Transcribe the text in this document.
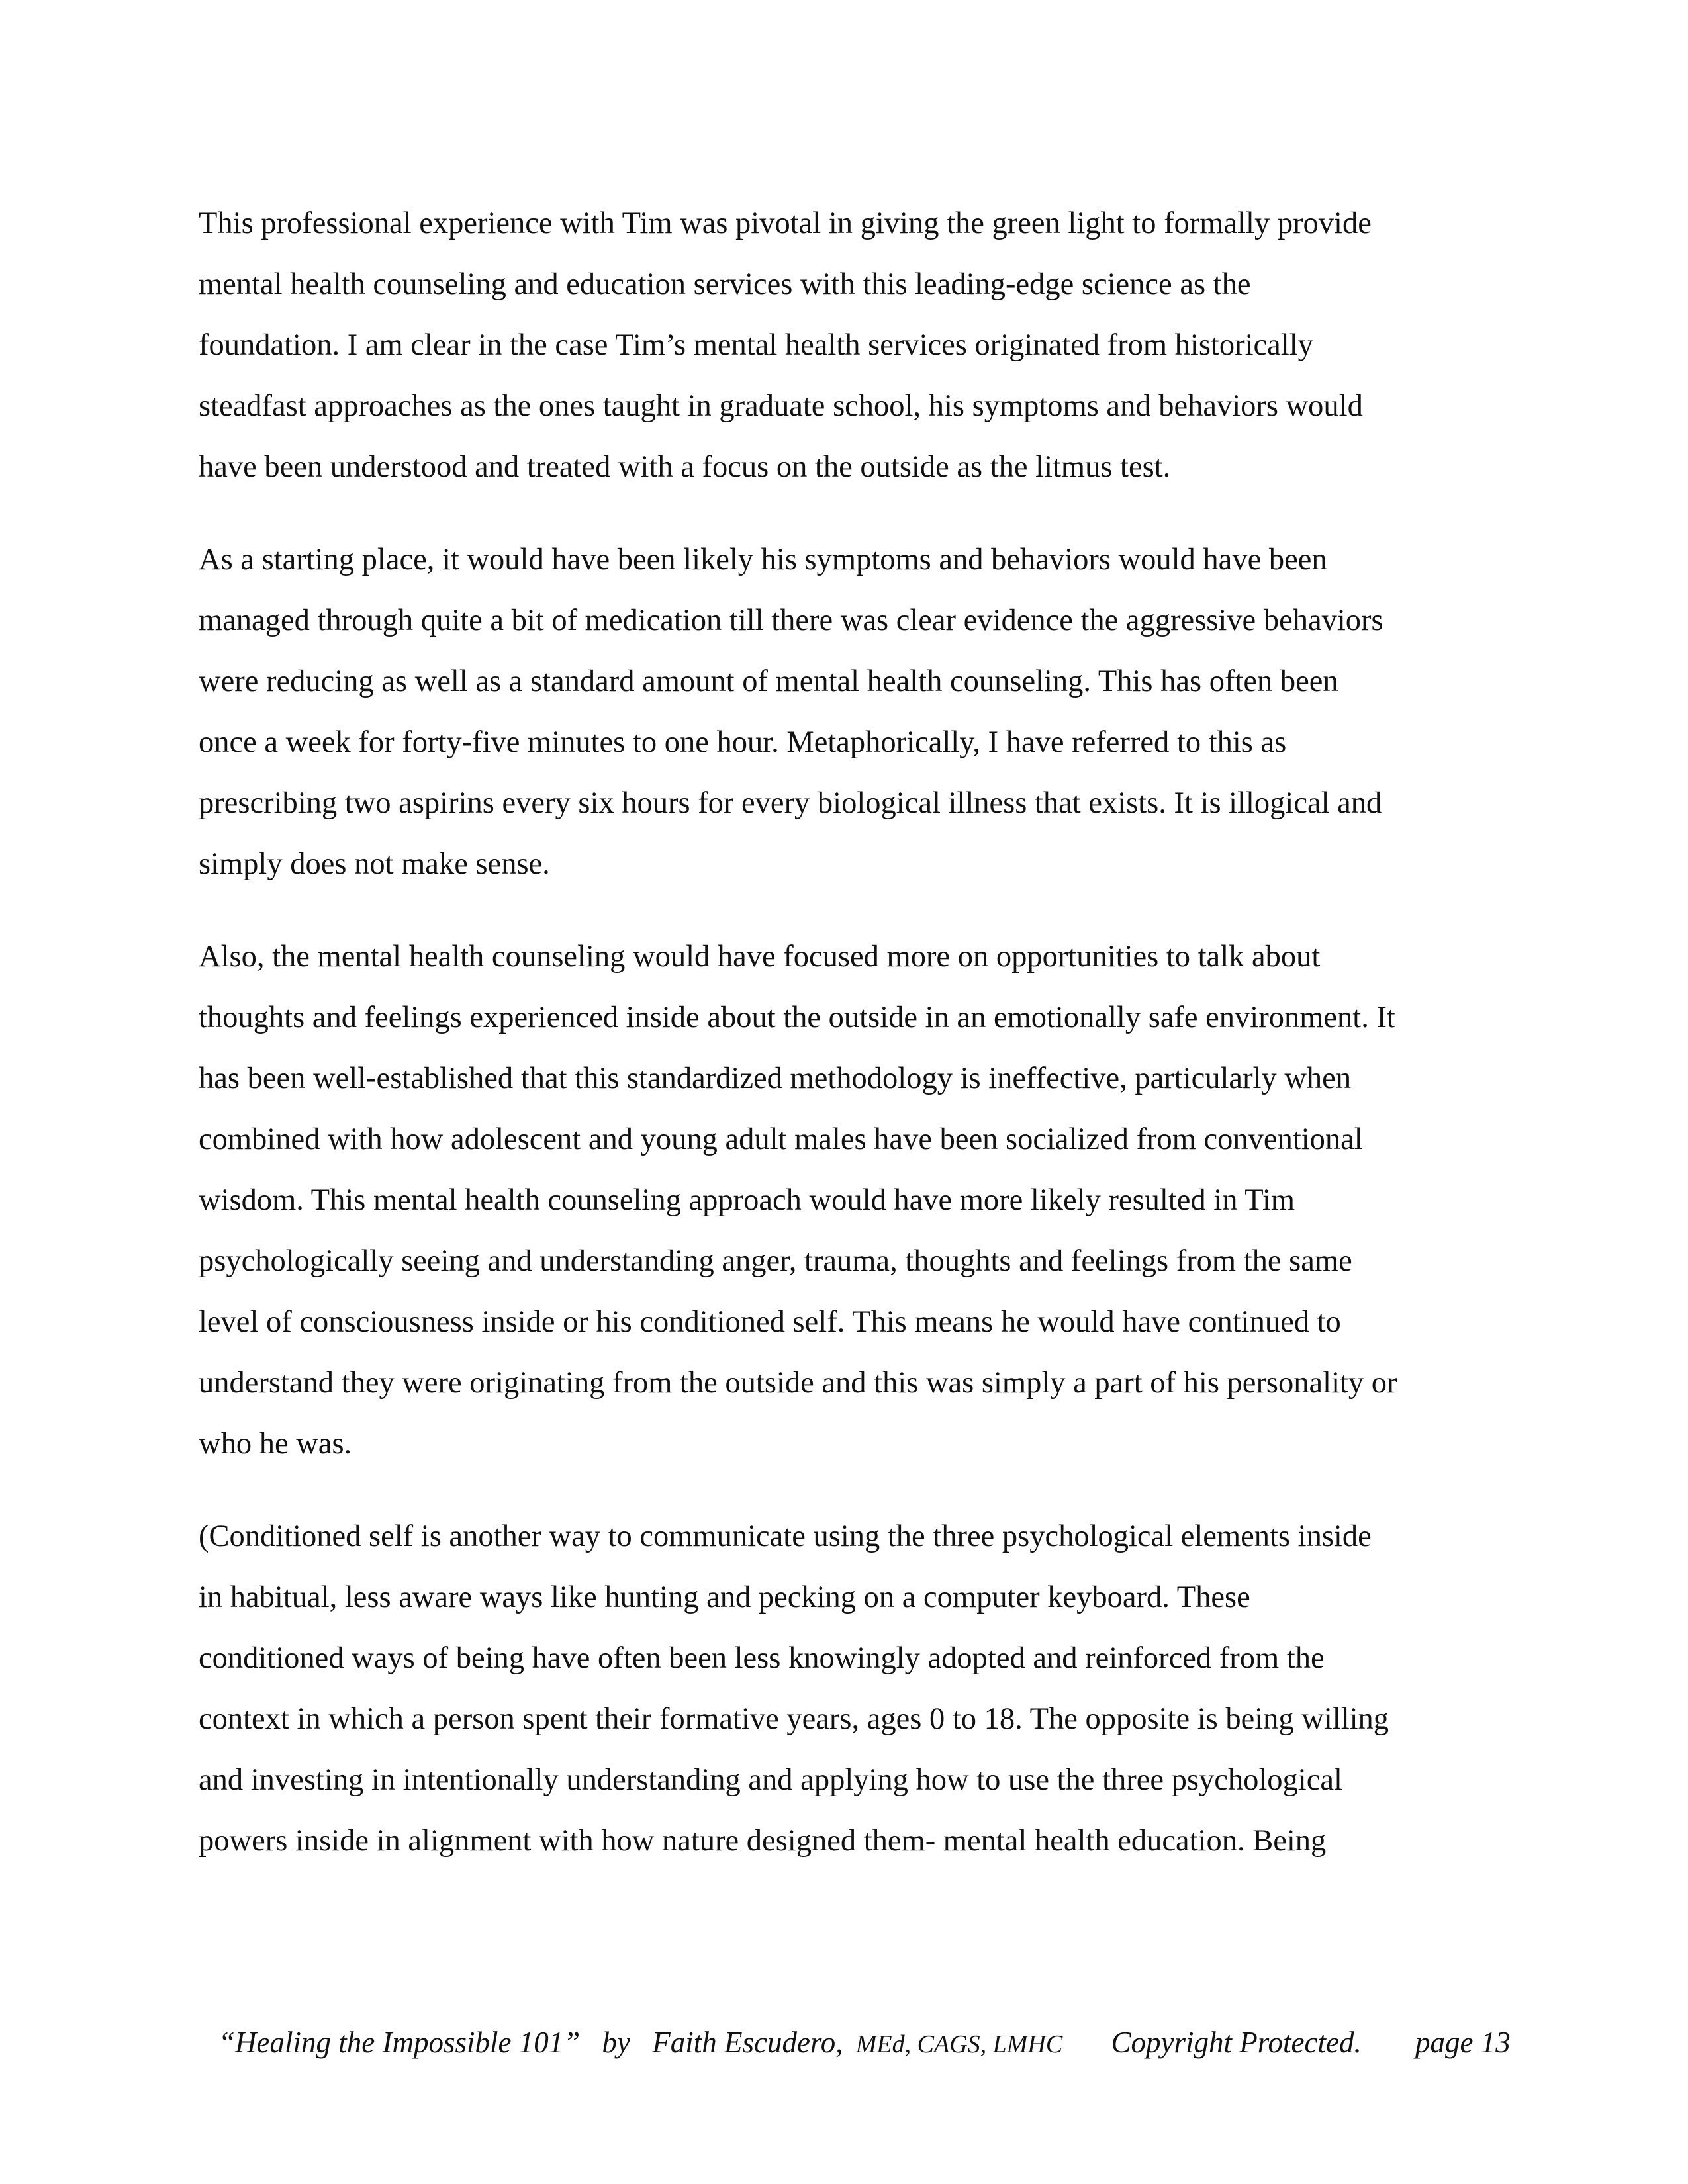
This professional experience with Tim was pivotal in giving the green light to formally provide
mental health counseling and education services with this leading-edge science as the
foundation. I am clear in the case Tim’s mental health services originated from historically
steadfast approaches as the ones taught in graduate school, his symptoms and behaviors would
have been understood and treated with a focus on the outside as the litmus test.

As a starting place, it would have been likely his symptoms and behaviors would have been
managed through quite a bit of medication till there was clear evidence the aggressive behaviors
were reducing as well as a standard amount of mental health counseling. This has often been
once a week for forty-five minutes to one hour. Metaphorically, I have referred to this as
prescribing two aspirins every six hours for every biological illness that exists. It is illogical and
simply does not make sense.

Also, the mental health counseling would have focused more on opportunities to talk about
thoughts and feelings experienced inside about the outside in an emotionally safe environment. It
has been well-established that this standardized methodology is ineffective, particularly when
combined with how adolescent and young adult males have been socialized from conventional
wisdom. This mental health counseling approach would have more likely resulted in Tim
psychologically seeing and understanding anger, trauma, thoughts and feelings from the same
level of consciousness inside or his conditioned self. This means he would have continued to
understand they were originating from the outside and this was simply a part of his personality or
who he was.

(Conditioned self is another way to communicate using the three psychological elements inside
in habitual, less aware ways like hunting and pecking on a computer keyboard. These
conditioned ways of being have often been less knowingly adopted and reinforced from the
context in which a person spent their formative years, ages 0 to 18. The opposite is being willing
and investing in intentionally understanding and applying how to use the three psychological
powers inside in alignment with how nature designed them- mental health education. Being

“Healing the Impossible 101” by Faith Escudero, MEd, CAGS, LMHC Copyright Protected. page 13
